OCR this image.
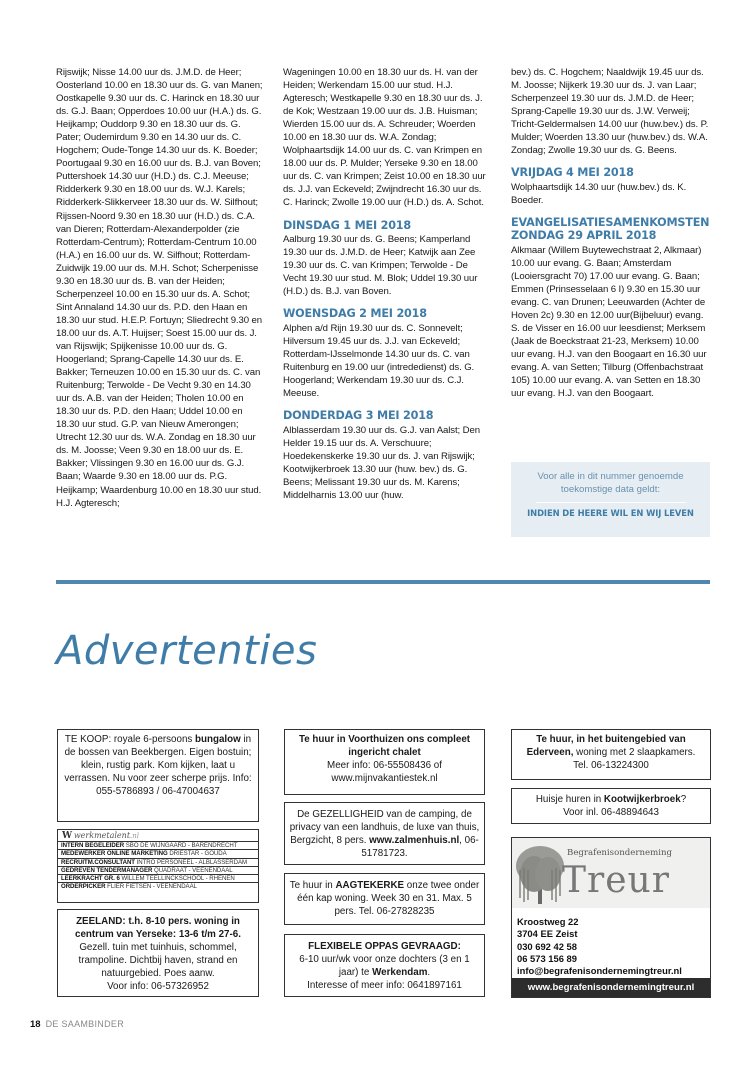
Rijswijk; Nisse 14.00 uur ds. J.M.D. de Heer; Oosterland 10.00 en 18.30 uur ds. G. van Manen; Oostkapelle 9.30 uur ds. C. Harinck en 18.30 uur ds. G.J. Baan; Opperdoes 10.00 uur (H.A.) ds. G. Heijkamp; Ouddorp 9.30 en 18.30 uur ds. G. Pater; Oudemirdum 9.30 en 14.30 uur ds. C. Hogchem; Oude-Tonge 14.30 uur ds. K. Boeder; Poortugaal 9.30 en 16.00 uur ds. B.J. van Boven; Puttershoek 14.30 uur (H.D.) ds. C.J. Meeuse; Ridderkerk 9.30 en 18.00 uur ds. W.J. Karels; Ridderkerk-Slikkerveer 18.30 uur ds. W. Silfhout; Rijssen-Noord 9.30 en 18.30 uur (H.D.) ds. C.A. van Dieren; Rotterdam-Alexanderpolder (zie Rotterdam-Centrum); Rotterdam-Centrum 10.00 (H.A.) en 16.00 uur ds. W. Silfhout; Rotterdam-Zuidwijk 19.00 uur ds. M.H. Schot; Scherpenisse 9.30 en 18.30 uur ds. B. van der Heiden; Scherpenzeel 10.00 en 15.30 uur ds. A. Schot; Sint Annaland 14.30 uur ds. P.D. den Haan en 18.30 uur stud. H.E.P. Fortuyn; Sliedrecht 9.30 en 18.00 uur ds. A.T. Huijser; Soest 15.00 uur ds. J. van Rijswijk; Spijkenisse 10.00 uur ds. G. Hoogerland; Sprang-Capelle 14.30 uur ds. E. Bakker; Terneuzen 10.00 en 15.30 uur ds. C. van Ruitenburg; Terwolde - De Vecht 9.30 en 14.30 uur ds. A.B. van der Heiden; Tholen 10.00 en 18.30 uur ds. P.D. den Haan; Uddel 10.00 en 18.30 uur stud. G.P. van Nieuw Amerongen; Utrecht 12.30 uur ds. W.A. Zondag en 18.30 uur ds. M. Joosse; Veen 9.30 en 18.00 uur ds. E. Bakker; Vlissingen 9.30 en 16.00 uur ds. G.J. Baan; Waarde 9.30 en 18.00 uur ds. P.G. Heijkamp; Waardenburg 10.00 en 18.30 uur stud. H.J. Agteresch;

Wageningen 10.00 en 18.30 uur ds. H. van der Heiden; Werkendam 15.00 uur stud. H.J. Agteresch; Westkapelle 9.30 en 18.30 uur ds. J. de Kok; Westzaan 19.00 uur ds. J.B. Huisman; Wierden 15.00 uur ds. A. Schreuder; Woerden 10.00 en 18.30 uur ds. W.A. Zondag; Wolphaartsdijk 14.00 uur ds. C. van Krimpen en 18.00 uur ds. P. Mulder; Yerseke 9.30 en 18.00 uur ds. C. van Krimpen; Zeist 10.00 en 18.30 uur ds. J.J. van Eckeveld; Zwijndrecht 16.30 uur ds. C. Harinck; Zwolle 19.00 uur (H.D.) ds. A. Schot.

DINSDAG 1 MEI 2018

Aalburg 19.30 uur ds. G. Beens; Kamperland 19.30 uur ds. J.M.D. de Heer; Katwijk aan Zee 19.30 uur ds. C. van Krimpen; Terwolde - De Vecht 19.30 uur stud. M. Blok; Uddel 19.30 uur (H.D.) ds. B.J. van Boven.

WOENSDAG 2 MEI 2018

Alphen a/d Rijn 19.30 uur ds. C. Sonnevelt; Hilversum 19.45 uur ds. J.J. van Eckeveld; Rotterdam-IJsselmonde 14.30 uur ds. C. van Ruitenburg en 19.00 uur (intrededienst) ds. G. Hoogerland; Werkendam 19.30 uur ds. C.J. Meeuse.

DONDERDAG 3 MEI 2018

Alblasserdam 19.30 uur ds. G.J. van Aalst; Den Helder 19.15 uur ds. A. Verschuure; Hoedekenskerke 19.30 uur ds. J. van Rijswijk; Kootwijkerbroek 13.30 uur (huw. bev.) ds. G. Beens; Melissant 19.30 uur ds. M. Karens; Middelharnis 13.00 uur (huw.

bev.) ds. C. Hogchem; Naaldwijk 19.45 uur ds. M. Joosse; Nijkerk 19.30 uur ds. J. van Laar; Scherpenzeel 19.30 uur ds. J.M.D. de Heer; Sprang-Capelle 19.30 uur ds. J.W. Verweij; Tricht-Geldermalsen 14.00 uur (huw.bev.) ds. P. Mulder; Woerden 13.30 uur (huw.bev.) ds. W.A. Zondag; Zwolle 19.30 uur ds. G. Beens.

VRIJDAG 4 MEI 2018

Wolphaartsdijk 14.30 uur (huw.bev.) ds. K. Boeder.

EVANGELISATIESAMENKOMSTEN
ZONDAG 29 APRIL 2018

Alkmaar (Willem Buytewechstraat 2, Alkmaar) 10.00 uur evang. G. Baan; Amsterdam (Looiersgracht 70) 17.00 uur evang. G. Baan; Emmen (Prinsesselaan 6 I) 9.30 en 15.30 uur evang. C. van Drunen; Leeuwarden (Achter de Hoven 2c) 9.30 en 12.00 uur(Bijbeluur) evang. S. de Visser en 16.00 uur leesdienst; Merksem (Jaak de Boeckstraat 21-23, Merksem) 10.00 uur evang. H.J. van den Boogaart en 16.30 uur evang. A. van Setten; Tilburg (Offenbachstraat 105) 10.00 uur evang. A. van Setten en 18.30 uur evang. H.J. van den Boogaart.

Voor alle in dit nummer genoemde
toekomstige data geldt:
INDIEN DE HEERE WIL EN WIJ LEVEN
Advertenties
TE KOOP: royale 6-persoons bungalow in de bossen van Beekbergen. Eigen bostuin; klein, rustig park. Kom kijken, laat u verrassen. Nu voor zeer scherpe prijs. Info: 055-5786893 / 06-47004637
W werkmetalent.nl
INTERN BEGELEIDER SBO DE WIJNGAARD - BARENDRECHT
MEDEWERKER ONLINE MARKETING DRIESTAR - GOUDA
RECRUITM.CONSULTANT INTRO PERSONEEL - ALBLASSERDAM
GEDREVEN TENDERMANAGER QUADRAAT - VEENENDAAL
LEERKRACHT GR. 6 WILLEM TEELLINCKSCHOOL - RHENEN
ORDERPICKER FLIER FIETSEN - VEENENDAAL
ZEELAND: t.h. 8-10 pers. woning in centrum van Yerseke: 13-6 t/m 27-6.
Gezell. tuin met tuinhuis, schommel, trampoline. Dichtbij haven, strand en natuurgebied. Poes aanw.
Voor info: 06-57326952
Te huur in Voorthuizen ons compleet ingericht chalet
Meer info: 06-55508436 of
www.mijnvakantiestek.nl
De GEZELLIGHEID van de camping, de privacy van een landhuis, de luxe van thuis, Bergzicht, 8 pers. www.zalmenhuis.nl, 06-51781723.
Te huur in AAGTEKERKE onze twee onder één kap woning. Week 30 en 31. Max. 5 pers. Tel. 06-27828235
FLEXIBELE OPPAS GEVRAAGD:
6-10 uur/wk voor onze dochters (3 en 1 jaar) te Werkendam.
Interesse of meer info: 0641897161
Te huur, in het buitengebied van Ederveen, woning met 2 slaapkamers.
Tel. 06-13224300
Huisje huren in Kootwijkerbroek?
Voor inl. 06-48894643
Begrafenisonderneming
Treur
Kroostweg 22
3704 EE Zeist
030 692 42 58
06 573 156 89
info@begrafenisondernemingtreur.nl
www.begrafenisondernemingtreur.nl
18 DE SAAMBINDER
